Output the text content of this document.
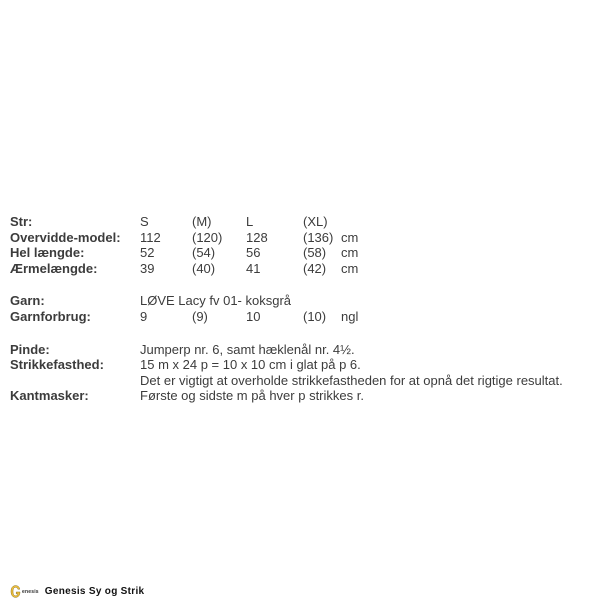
Str:	S	(M)	L	(XL)
Overvidde-model:	112	(120)	128	(136) cm
Hel længde:	52	(54)	56	(58)	cm
Ærmelængde:	39	(40)	41	(42)	cm
Garn:	LØVE Lacy fv 01- koksgrå
Garnforbrug:	9	(9)	10	(10)	ngl
Pinde:	Jumperp nr. 6, samt hæklenål nr. 4½.
Strikkefasthed:	15 m x 24 p = 10 x 10 cm i glat på p 6.
Det er vigtigt at overholde strikkefastheden for at opnå det rigtige resultat.
Kantmasker:	Første og sidste m på hver p strikkes r.
enesis Genesis Sy og Strik
